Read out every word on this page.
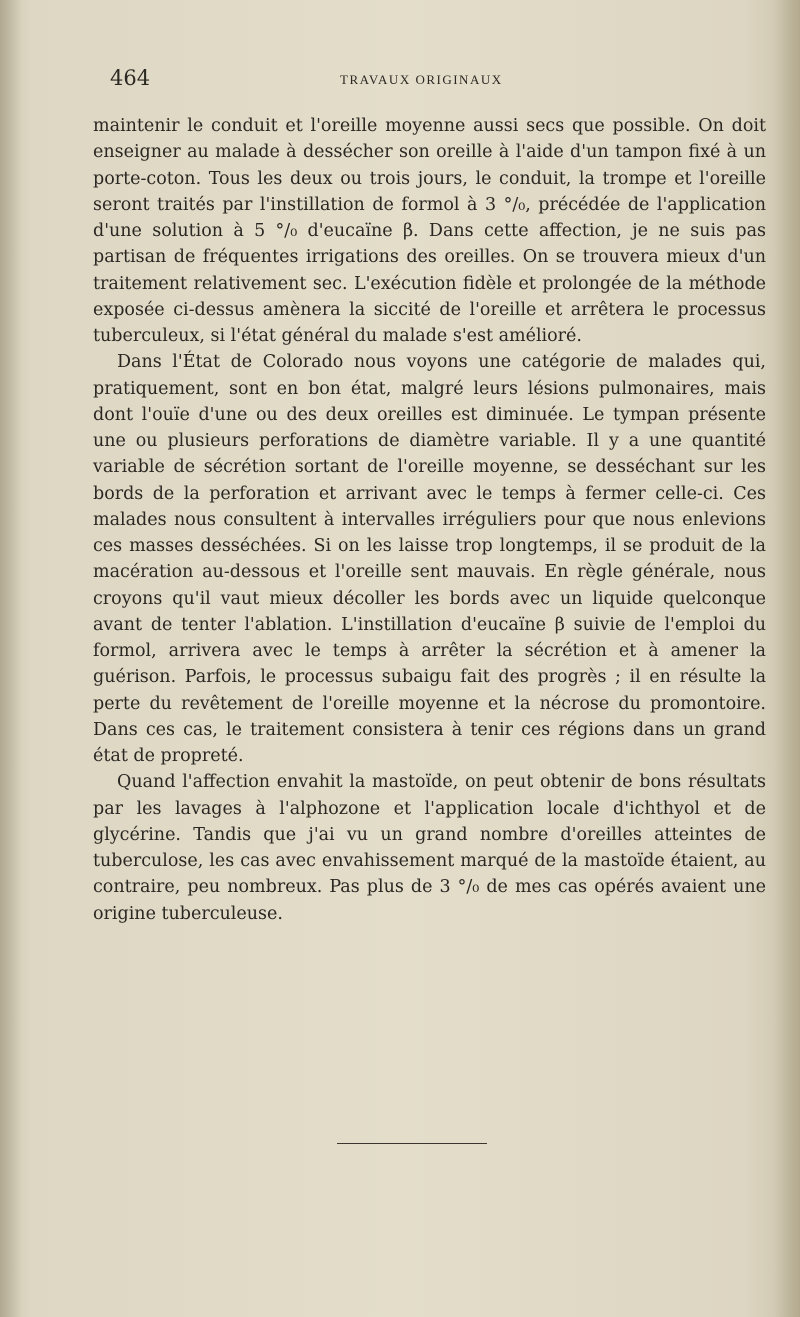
464	TRAVAUX ORIGINAUX

maintenir le conduit et l'oreille moyenne aussi secs que possible. On doit enseigner au malade à dessécher son oreille à l'aide d'un tampon fixé à un porte-coton. Tous les deux ou trois jours, le conduit, la trompe et l'oreille seront traités par l'instillation de formol à 3 °/₀, précédée de l'application d'une solution à 5 °/₀ d'eucaïne β. Dans cette affection, je ne suis pas partisan de fréquentes irrigations des oreilles. On se trouvera mieux d'un traitement relativement sec. L'exécution fidèle et prolongée de la méthode exposée ci-dessus amènera la siccité de l'oreille et arrêtera le processus tuberculeux, si l'état général du malade s'est amélioré.

Dans l'État de Colorado nous voyons une catégorie de malades qui, pratiquement, sont en bon état, malgré leurs lésions pulmonaires, mais dont l'ouïe d'une ou des deux oreilles est diminuée. Le tympan présente une ou plusieurs perforations de diamètre variable. Il y a une quantité variable de sécrétion sortant de l'oreille moyenne, se desséchant sur les bords de la perforation et arrivant avec le temps à fermer celle-ci. Ces malades nous consultent à intervalles irréguliers pour que nous enlevions ces masses desséchées. Si on les laisse trop longtemps, il se produit de la macération au-dessous et l'oreille sent mauvais. En règle générale, nous croyons qu'il vaut mieux décoller les bords avec un liquide quelconque avant de tenter l'ablation. L'instillation d'eucaïne β suivie de l'emploi du formol, arrivera avec le temps à arrêter la sécrétion et à amener la guérison. Parfois, le processus subaigu fait des progrès ; il en résulte la perte du revêtement de l'oreille moyenne et la nécrose du promontoire. Dans ces cas, le traitement consistera à tenir ces régions dans un grand état de propreté.

Quand l'affection envahit la mastoïde, on peut obtenir de bons résultats par les lavages à l'alphozone et l'application locale d'ichthyol et de glycérine. Tandis que j'ai vu un grand nombre d'oreilles atteintes de tuberculose, les cas avec envahissement marqué de la mastoïde étaient, au contraire, peu nombreux. Pas plus de 3 °/₀ de mes cas opérés avaient une origine tuberculeuse.
